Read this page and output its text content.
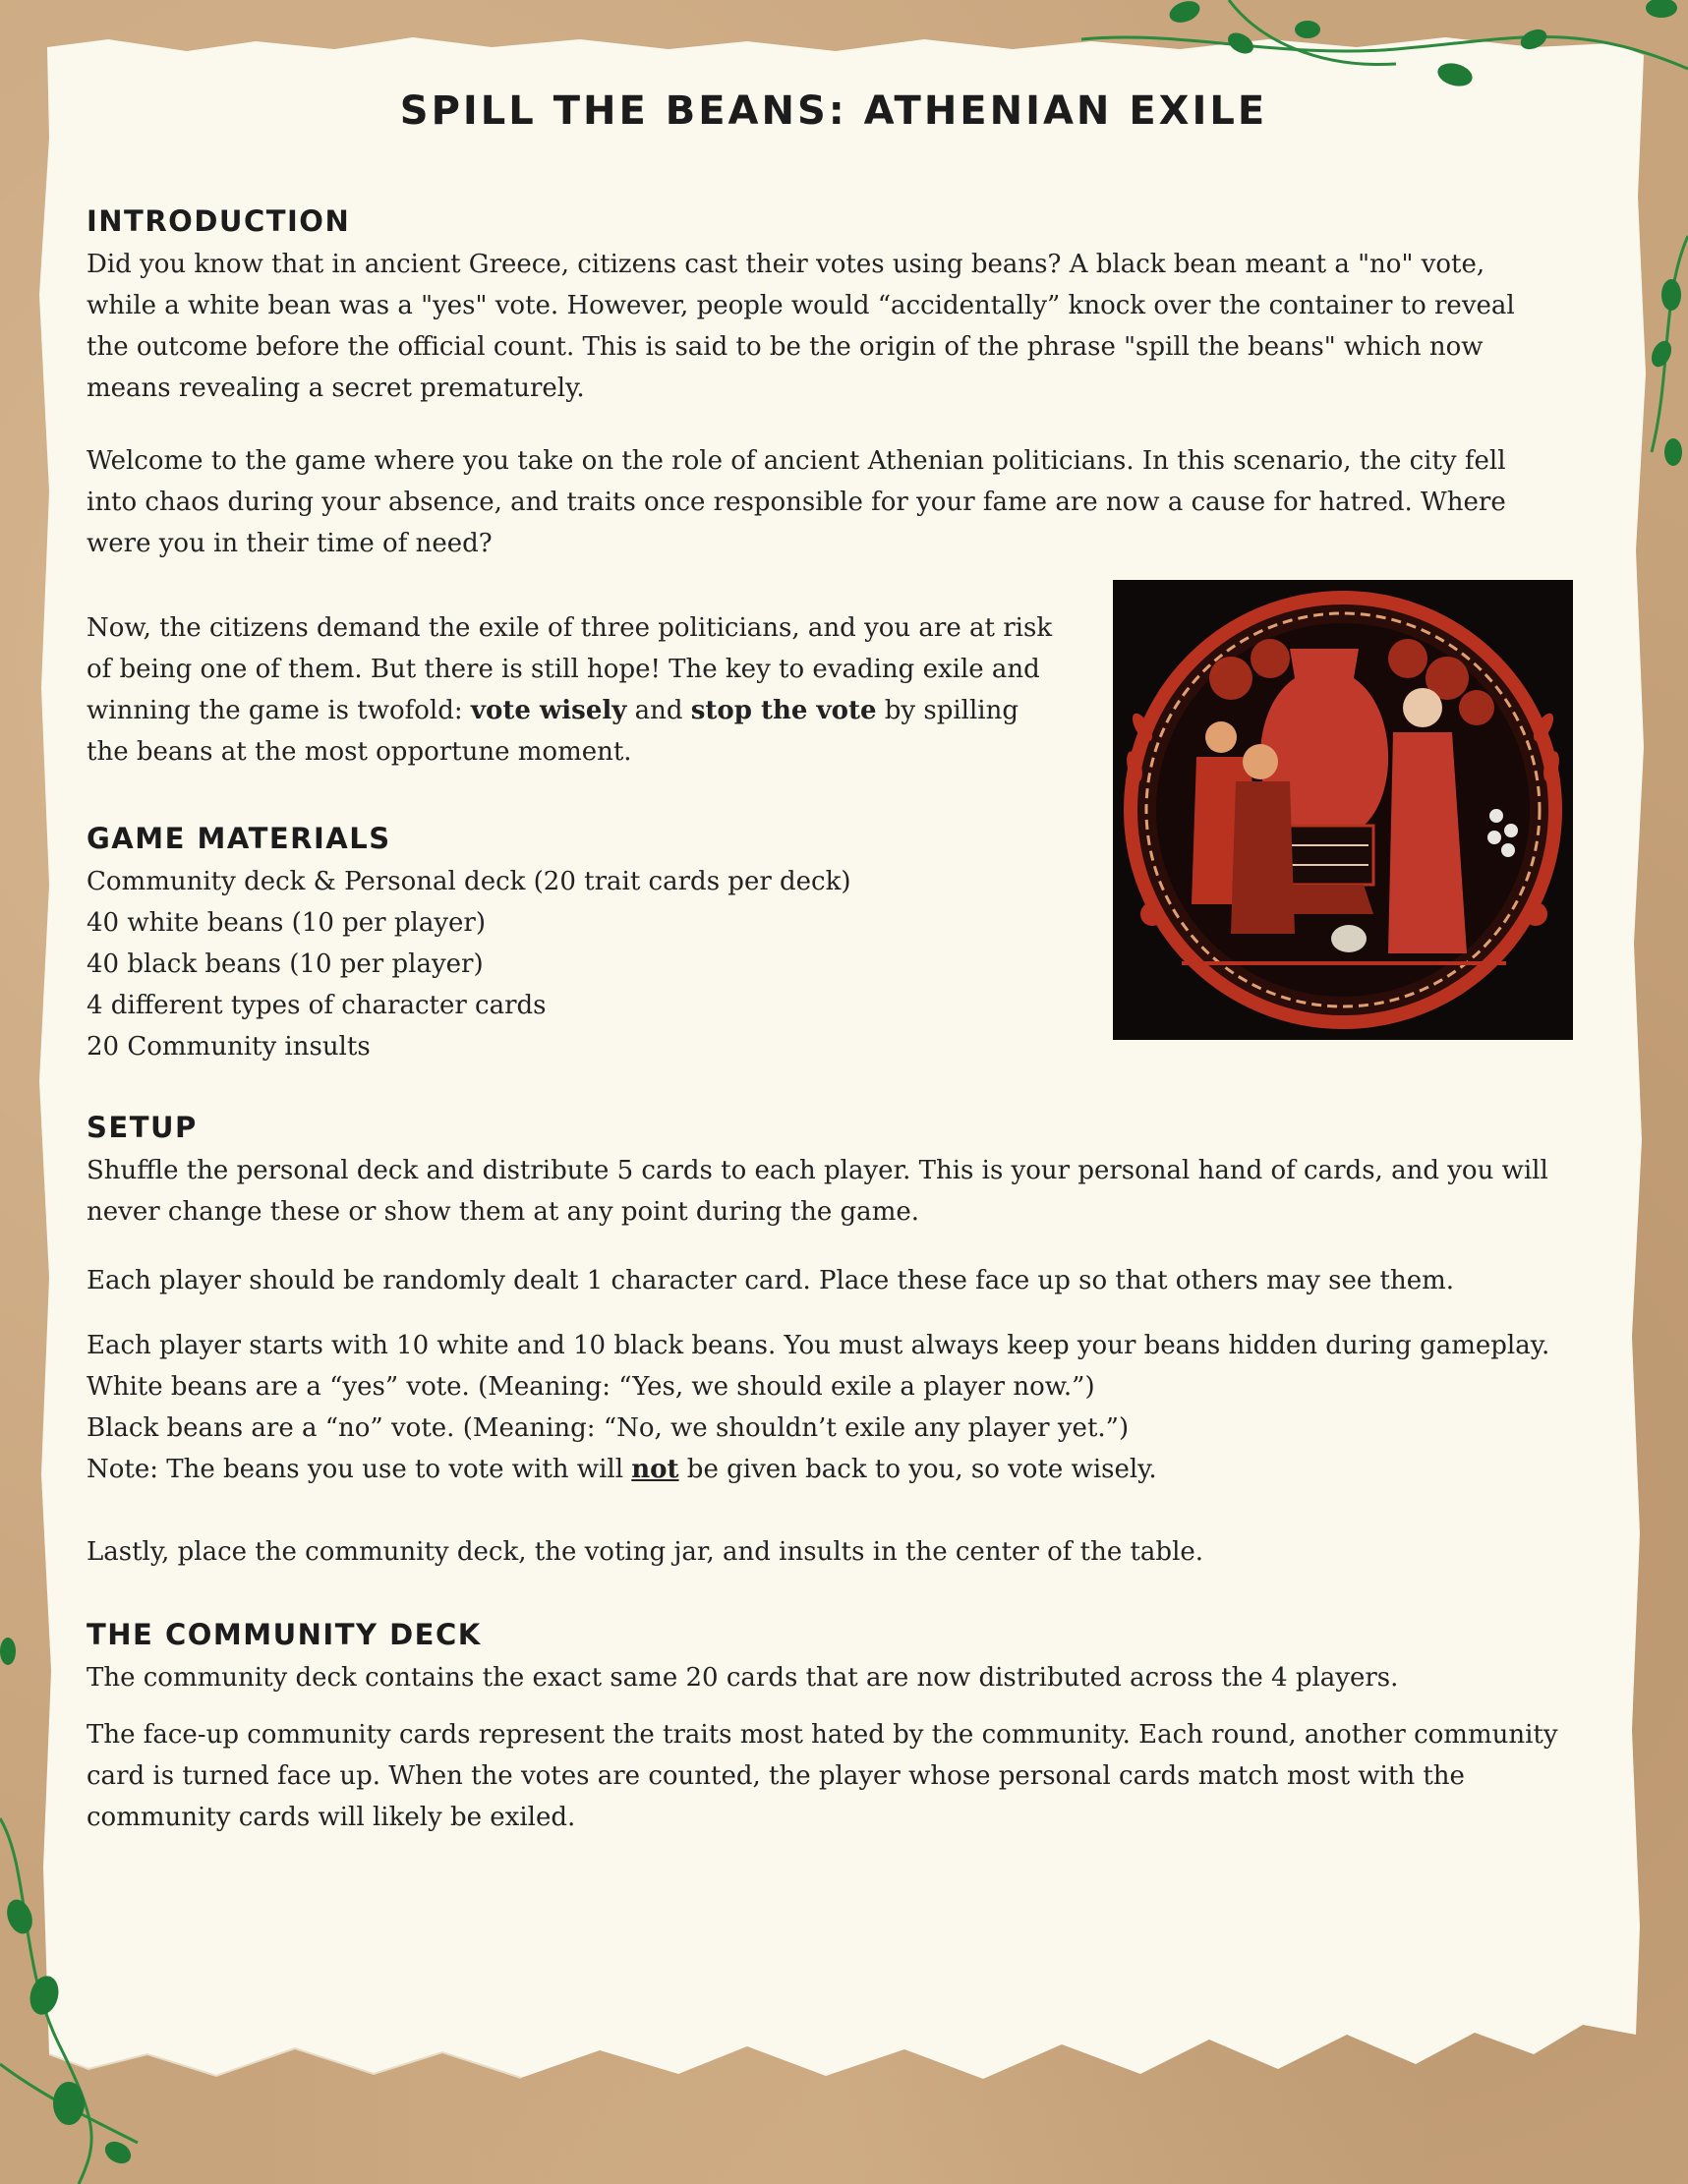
SPILL THE BEANS: ATHENIAN EXILE
INTRODUCTION

Did you know that in ancient Greece, citizens cast their votes using beans? A black bean meant a "no" vote, while a white bean was a "yes" vote. However, people would “accidentally” knock over the container to reveal the outcome before the official count. This is said to be the origin of the phrase "spill the beans" which now means revealing a secret prematurely.

Welcome to the game where you take on the role of ancient Athenian politicians. In this scenario, the city fell into chaos during your absence, and traits once responsible for your fame are now a cause for hatred. Where were you in their time of need?

Now, the citizens demand the exile of three politicians, and you are at risk of being one of them. But there is still hope! The key to evading exile and winning the game is twofold: vote wisely and stop the vote by spilling the beans at the most opportune moment.

GAME MATERIALS
Community deck & Personal deck (20 trait cards per deck)
40 white beans (10 per player)
40 black beans (10 per player)
4 different types of character cards
20 Community insults
SETUP

Shuffle the personal deck and distribute 5 cards to each player. This is your personal hand of cards, and you will never change these or show them at any point during the game.

Each player should be randomly dealt 1 character card. Place these face up so that others may see them.

Each player starts with 10 white and 10 black beans. You must always keep your beans hidden during gameplay.
White beans are a “yes” vote. (Meaning: “Yes, we should exile a player now.”)
Black beans are a “no” vote. (Meaning: “No, we shouldn’t exile any player yet.”)
Note: The beans you use to vote with will not be given back to you, so vote wisely.

Lastly, place the community deck, the voting jar, and insults in the center of the table.

THE COMMUNITY DECK

The community deck contains the exact same 20 cards that are now distributed across the 4 players.

The face-up community cards represent the traits most hated by the community. Each round, another community card is turned face up. When the votes are counted, the player whose personal cards match most with the community cards will likely be exiled.
